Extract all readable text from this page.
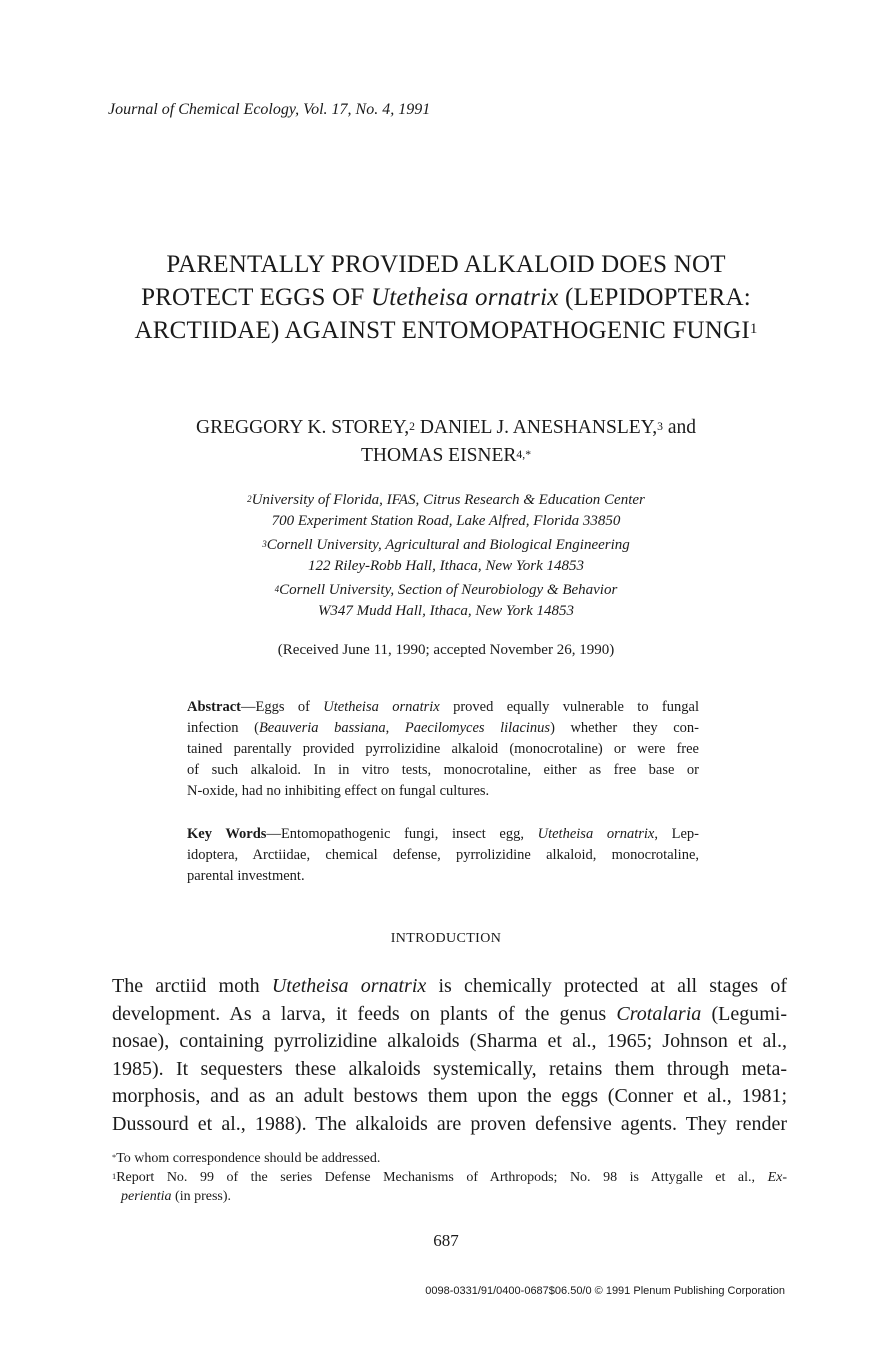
Journal of Chemical Ecology, Vol. 17, No. 4, 1991
PARENTALLY PROVIDED ALKALOID DOES NOT
PROTECT EGGS OF Utetheisa ornatrix (LEPIDOPTERA:
ARCTIIDAE) AGAINST ENTOMOPATHOGENIC FUNGI$^1$
GREGGORY K. STOREY,$^2$ DANIEL J. ANESHANSLEY,$^3$ and
THOMAS $EISNER^{4,*}$
$^2$University of Florida, IFAS, Citrus Research & Education Center
700 Experiment Station Road, Lake Alfred, Florida 33850
$^3$Cornell University, Agricultural and Biological Engineering
122 Riley-Robb Hall, Ithaca, New York 14853
$^4$Cornell University, Section of Neurobiology & Behavior
W347 Mudd Hall, Ithaca, New York 14853
(Received June 11, 1990; accepted November 26, 1990)
Abstract—Eggs of Utetheisa ornatrix proved equally vulnerable to fungal
infection (Beauveria bassiana, Paecilomyces lilacinus) whether they con-
tained parentally provided pyrrolizidine alkaloid (monocrotaline) or were free
of such alkaloid. In in vitro tests, monocrotaline, either as free base or
N-oxide, had no inhibiting effect on fungal cultures.
Key Words—Entomopathogenic fungi, insect egg, Utetheisa ornatrix, Lep-
idoptera, Arctiidae, chemical defense, pyrrolizidine alkaloid, monocrotaline,
parental investment.
INTRODUCTION
The arctiid moth Utetheisa ornatrix is chemically protected at all stages of
development. As a larva, it feeds on plants of the genus Crotalaria (Legumi-
nosae), containing pyrrolizidine alkaloids (Sharma et al., 1965; Johnson et al.,
1985). It sequesters these alkaloids systemically, retains them through meta-
morphosis, and as an adult bestows them upon the eggs (Conner et al., 1981;
Dussourd et al., 1988). The alkaloids are proven defensive agents. They render
*To whom correspondence should be addressed.
$^1$Report No. 99 of the series Defense Mechanisms of Arthropods; No. 98 is Attygalle et al., Ex-
perientia (in press).
687
0098-0331/91/0400-0687$06.50/0 © 1991 Plenum Publishing Corporation
